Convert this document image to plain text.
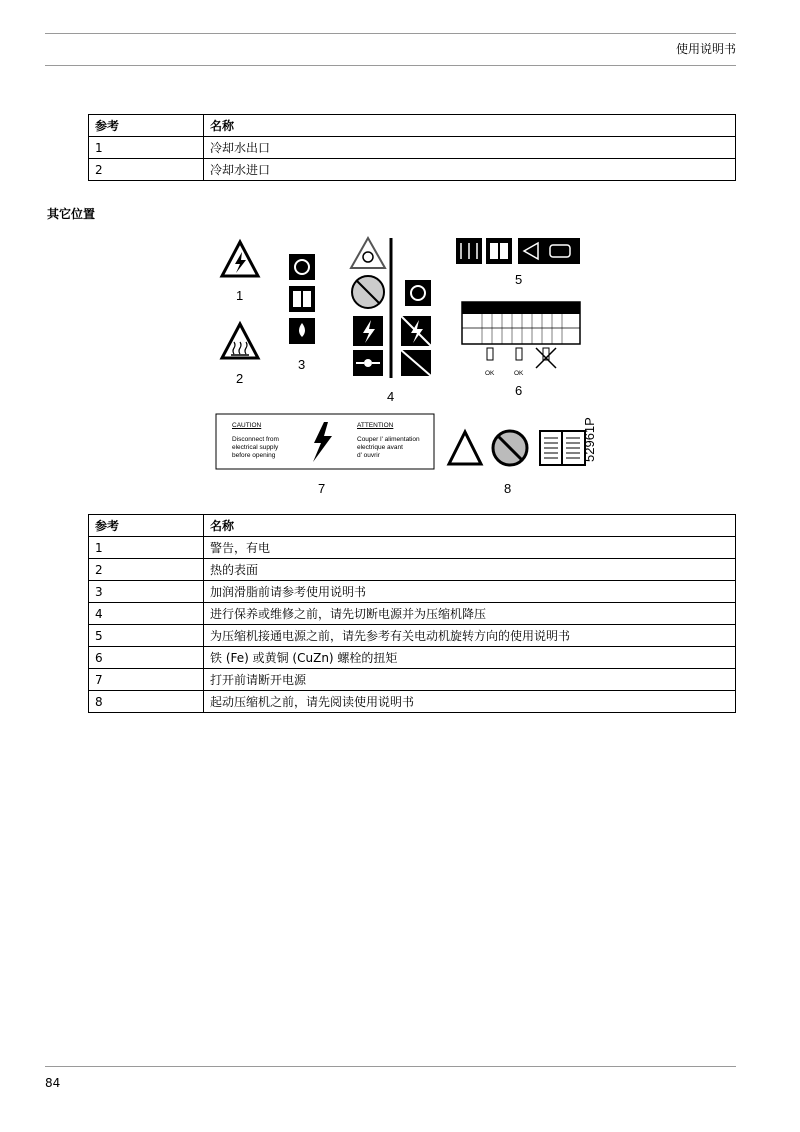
使用说明书
参考	名称
1	冷却水出口
2	冷却水进口
其它位置
1
2
3
4
5
6
7	8
OK	OK
CAUTION
Disconnect from
electrical supply
before opening
ATTENTION
Couper l' alimentation
electrique avant
d' ouvrir	52961P
参考	名称
1	警告，有电
2	热的表面
3	加润滑脂前请参考使用说明书
4	进行保养或维修之前，请先切断电源并为压缩机降压
5	为压缩机接通电源之前，请先参考有关电动机旋转方向的使用说明书
6	铁 (Fe) 或黄铜 (CuZn) 螺栓的扭矩
7	打开前请断开电源
8	起动压缩机之前，请先阅读使用说明书
84
